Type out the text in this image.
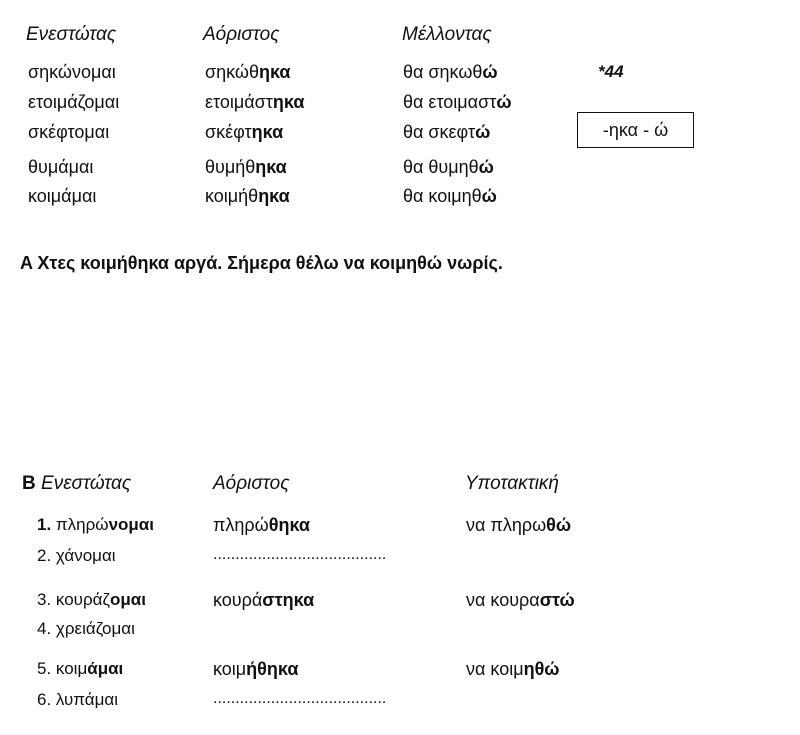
Ενεστώτας	Αόριστος	Μέλλοντας
σηκώνομαι	σηκώθηκα	θα σηκωθώ	*44
ετοιμάζομαι	ετοιμάστηκα	θα ετοιμαστώ
σκέφτομαι	σκέφτηκα	θα σκεφτώ
θυμάμαι	θυμήθηκα	θα θυμηθώ
κοιμάμαι	κοιμήθηκα	θα κοιμηθώ
-ηκα - ώ
A Χτες κοιμήθηκα αργά. Σήμερα θέλω να κοιμηθώ νωρίς.
B Ενεστώτας	Αόριστος	Υποτακτική
1. πληρώνομαι	πληρώθηκα	να πληρωθώ
2. χάνομαι	.......................................
3. κουράζομαι	κουράστηκα	να κουραστώ
4. χρειάζομαι
5. κοιμάμαι	κοιμήθηκα	να κοιμηθώ
6. λυπάμαι	.......................................
